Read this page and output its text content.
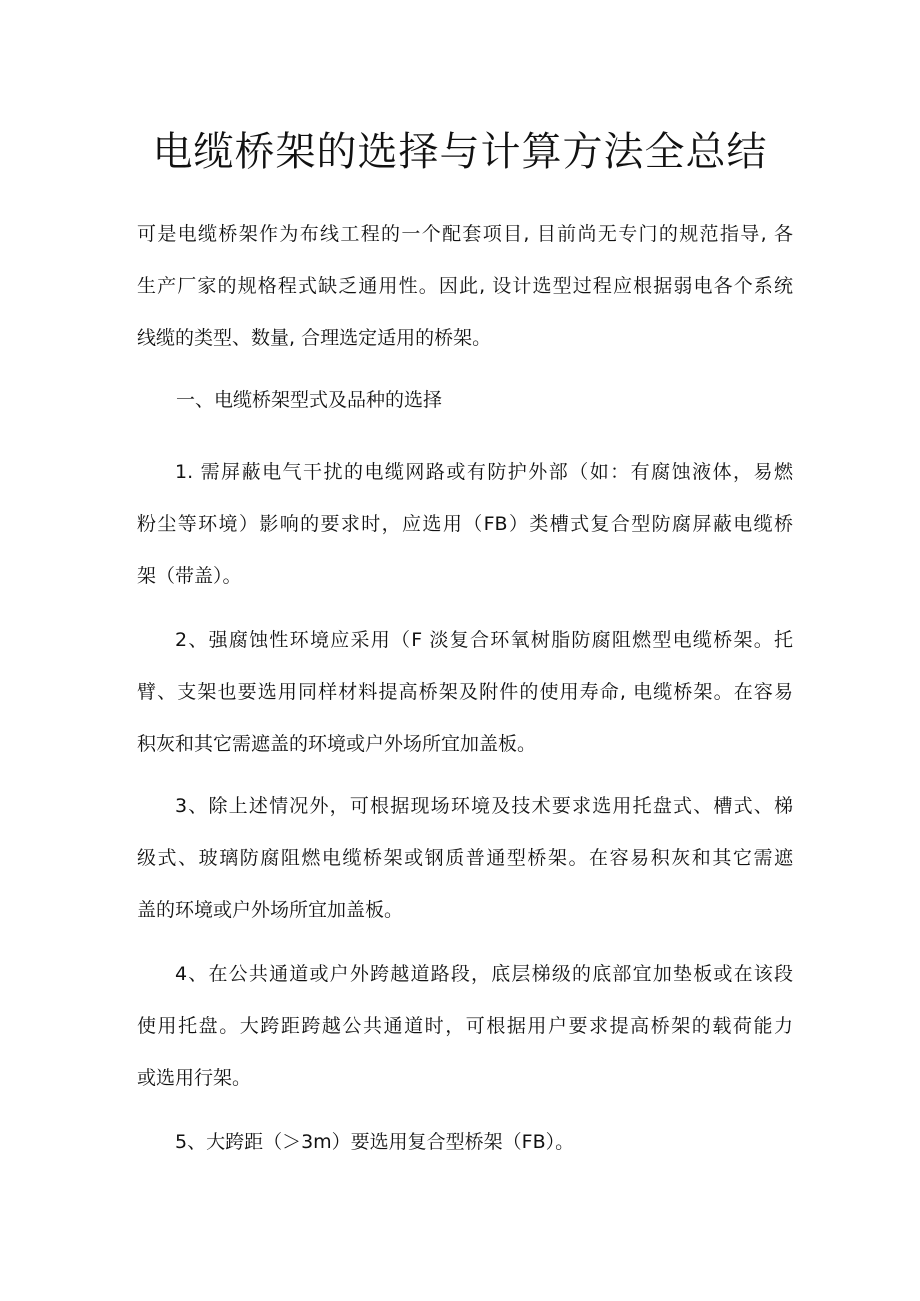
电缆桥架的选择与计算方法全总结
可是电缆桥架作为布线工程的一个配套项目, 目前尚无专门的规范指导, 各
生产厂家的规格程式缺乏通用性。因此, 设计选型过程应根据弱电各个系统
线缆的类型、数量, 合理选定适用的桥架。
一、电缆桥架型式及品种的选择
1. 需屏蔽电气干扰的电缆网路或有防护外部（如：有腐蚀液体，易燃
粉尘等环境）影响的要求时，应选用（FB）类槽式复合型防腐屏蔽电缆桥
架（带盖）。
2、强腐蚀性环境应采用（F 淡复合环氧树脂防腐阻燃型电缆桥架。托
臂、支架也要选用同样材料提高桥架及附件的使用寿命, 电缆桥架。在容易
积灰和其它需遮盖的环境或户外场所宜加盖板。
3、除上述情况外，可根据现场环境及技术要求选用托盘式、槽式、梯
级式、玻璃防腐阻燃电缆桥架或钢质普通型桥架。在容易积灰和其它需遮
盖的环境或户外场所宜加盖板。
4、在公共通道或户外跨越道路段，底层梯级的底部宜加垫板或在该段
使用托盘。大跨距跨越公共通道时，可根据用户要求提高桥架的载荷能力
或选用行架。
5、大跨距（＞3m）要选用复合型桥架（FB）。
